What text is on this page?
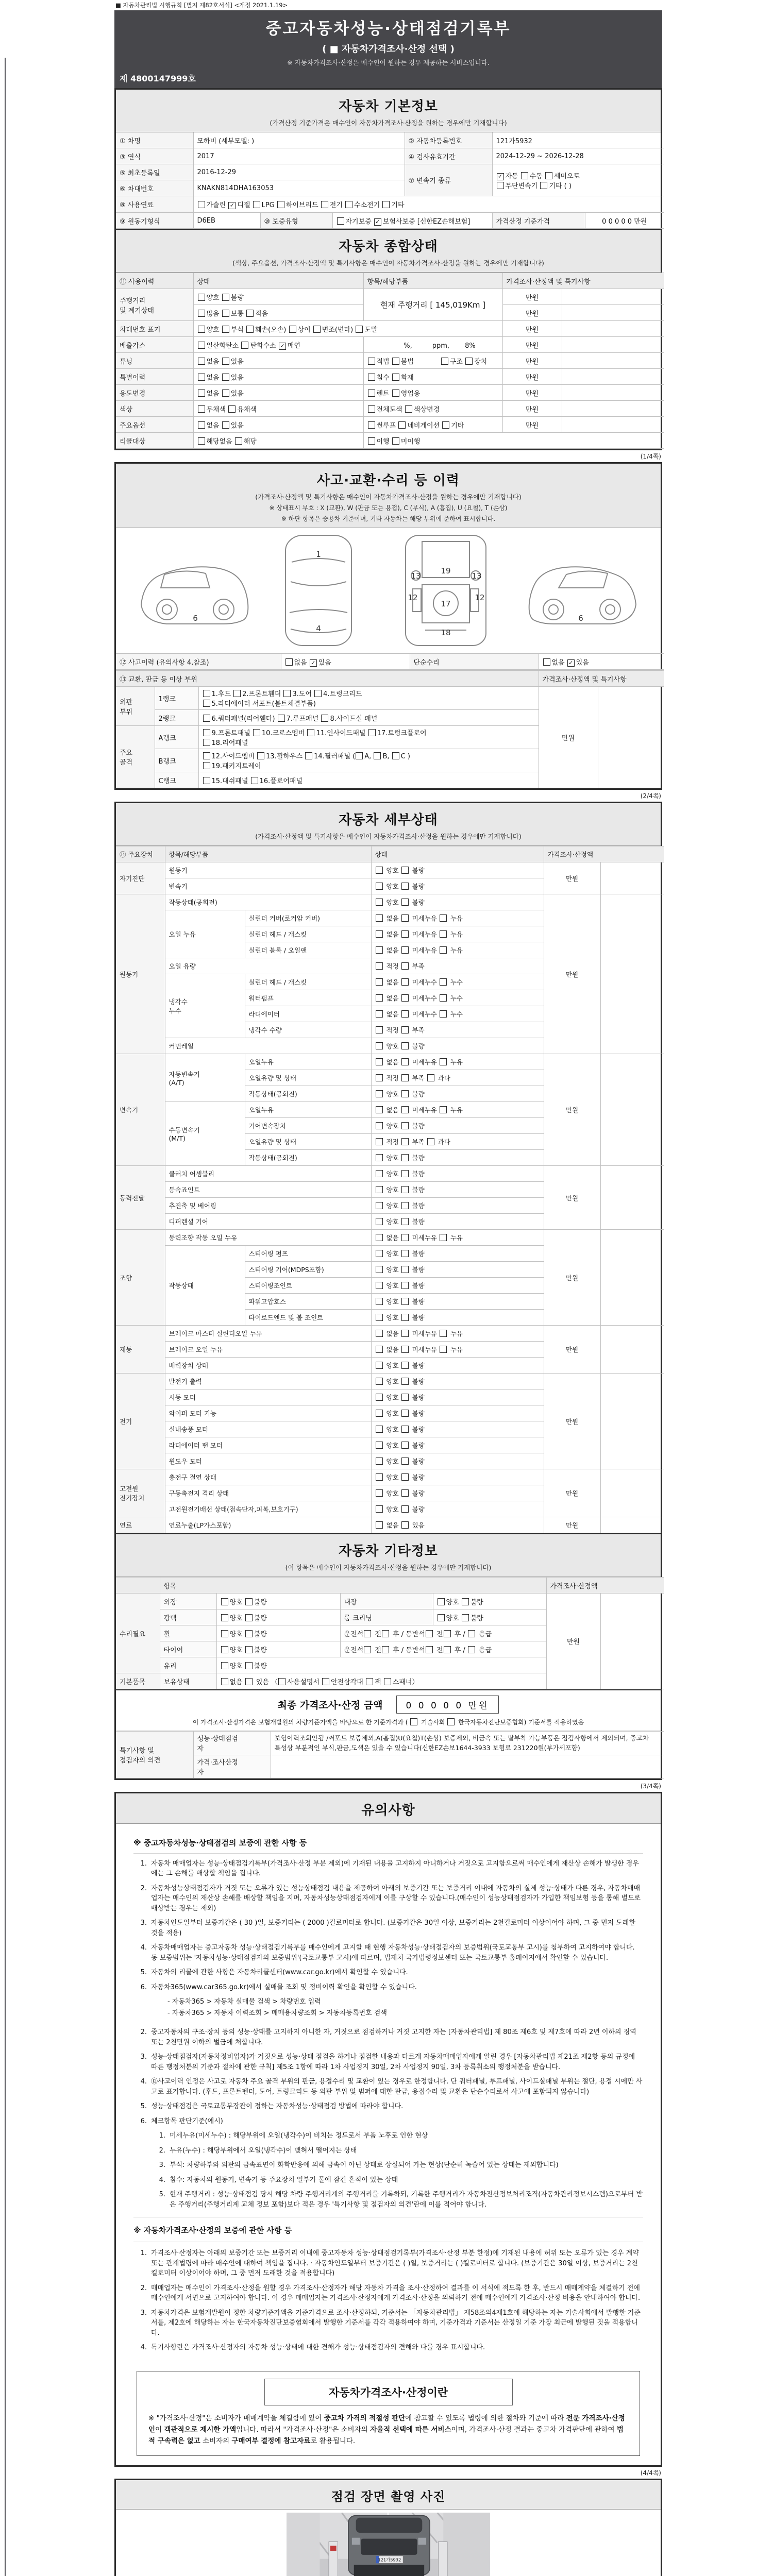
■ 자동차관리법 시행규칙 [별지 제82호서식] <개정 2021.1.19>
중고자동차성능·상태점검기록부
( ■ 자동차가격조사·산정 선택 )
※ 자동차가격조사·산정은 매수인이 원하는 경우 제공하는 서비스입니다.
제 4800147999호
자동차 기본정보
(가격산정 기준가격은 매수인이 자동차가격조사·산정을 원하는 경우에만 기재합니다)
① 차명	모하비 (세부모델: )	② 자동차등록번호	121가5932
③ 연식	2017	④ 검사유효기간	2024-12-29 ~ 2026-12-28
⑤ 최초등록일	2016-12-29	⑦ 변속기 종류	✓ 자동 수동 세미오토
무단변속기 기타 ( )
⑥ 차대번호	KNAKN814DHA163053		
⑧ 사용연료	가솔린 ✓ 디젤 LPG 하이브리드 전기 수소전기 기타		
⑨ 원동기형식	D6EB	⑩ 보증유형	자기보증 ✓ 보험사보증 [신한EZ손해보험]	가격산정 기준가격	0 0 0 0 0 만원
자동차 종합상태
(색상, 주요옵션, 가격조사·산정액 및 특기사항은 매수인이 자동차가격조사·산정을 원하는 경우에만 기재합니다)
⑪ 사용이력	상태	항목/해당부품	가격조사·산정액 및 특기사항	
주행거리
및 계기상태	양호 불량	현재 주행거리 [ 145,019Km ]	만원	
	많음 보통 적음		만원	
차대번호 표기	양호 부식 훼손(오손) 상이 변조(변타) 도말		만원	
배출가스	일산화탄소 탄화수소 ✓ 매연	　　%,　　　ppm,　　 8%	만원	
튜닝	없음 있음	적법 불법　　　　구조 장치	만원	
특별이력	없음 있음	침수 화재	만원	
용도변경	없음 있음	렌트 영업용	만원	
색상	무채색 유채색	전체도색 색상변경	만원	
주요옵션	없음 있음	썬루프 네비게이션 기타	만원	
리콜대상	해당없음 해당	이행 미이행		
(1/4쪽)
사고·교환·수리 등 이력
(가격조사·산정액 및 특기사항은 매수인이 자동차가격조사·산정을 원하는 경우에만 기재합니다)
※ 상태표시 부호 : X (교환), W (판금 또는 용접), C (부식), A (흠집), U (요철), T (손상)
※ 하단 항목은 승용차 기준이며, 기타 자동차는 해당 부위에 준하여 표시합니다.
6
4
1
13
19
13
12
17
12
18
6
⑫ 사고이력 (유의사항 4.참조)	없음 ✓ 있음	단순수리	없음 ✓ 있음
⑬ 교환, 판금 등 이상 부위			가격조사·산정액 및 특기사항	
외판
부위	1랭크	1.후드 2.프론트휀더 3.도어 4.트렁크리드
5.라디에이터 서포트(볼트체결부품)	만원	
	2랭크	6.쿼터패널(리어휀다) 7.루프패널 8.사이드실 패널		
주요
골격	A랭크	9.프론트패널 10.크로스멤버 11.인사이드패널 17.트렁크플로어
18.리어패널		
	B랭크	12.사이드멤버 13.휠하우스 14.필러패널 ( A, B, C )
19.패키지트레이		
	C랭크	15.대쉬패널 16.플로어패널		
(2/4쪽)
자동차 세부상태
(가격조사·산정액 및 특기사항은 매수인이 자동차가격조사·산정을 원하는 경우에만 기재합니다)
⑭ 주요장치	항목/해당부품		상태	가격조사·산정액	
자기진단	원동기		양호  불량	만원	
	변속기		양호  불량		
원동기	작동상태(공회전)		양호  불량	만원	
	오일 누유	실린더 커버(로커암 커버)	없음  미세누유  누유		
		실린더 헤드 / 개스킷	없음  미세누유  누유		
		실린더 블록 / 오일팬	없음  미세누유  누유		
	오일 유량		적정  부족		
	냉각수
누수	실린더 헤드 / 개스킷	없음  미세누수  누수		
		워터펌프	없음  미세누수  누수		
		라디에이터	없음  미세누수  누수		
		냉각수 수량	적정  부족		
	커먼레일		양호  불량		
변속기	자동변속기
(A/T)	오일누유	없음  미세누유  누유	만원	
		오일유량 및 상태	적정  부족  과다		
		작동상태(공회전)	양호  불량		
	수동변속기
(M/T)	오일누유	없음  미세누유  누유		
		기어변속장치	양호  불량		
		오일유량 및 상태	적정  부족  과다		
		작동상태(공회전)	양호  불량		
동력전달	클러치 어셈블리		양호  불량	만원	
	등속죠인트		양호  불량		
	추진축 및 베어링		양호  불량		
	디퍼렌셜 기어		양호  불량		
조향	동력조향 작동 오일 누유		없음  미세누유  누유	만원	
	작동상태	스티어링 펌프	양호  불량		
		스티어링 기어(MDPS포함)	양호  불량		
		스티어링조인트	양호  불량		
		파워고압호스	양호  불량		
		타이로드엔드 및 볼 조인트	양호  불량		
제동	브레이크 마스터 실린더오일 누유		없음  미세누유  누유	만원	
	브레이크 오일 누유		없음  미세누유  누유		
	배력장치 상태		양호  불량		
전기	발전기 출력		양호  불량	만원	
	시동 모터		양호  불량		
	와이퍼 모터 기능		양호  불량		
	실내송풍 모터		양호  불량		
	라디에이터 팬 모터		양호  불량		
	윈도우 모터		양호  불량		
고전원
전기장치	충전구 절연 상태		양호  불량	만원	
	구동축전지 격리 상태		양호  불량		
	고전원전기배선 상태(접속단자,피복,보호기구)		양호  불량		
연료	연료누출(LP가스포함)		없음  있음	만원	
자동차 기타정보
(이 항목은 매수인이 자동차가격조사·산정을 원하는 경우에만 기재합니다)
	항목				가격조사·산정액	
수리필요	외장	양호 불량	내장	양호 불량	만원	
	광택	양호 불량	룸 크리닝	양호 불량		
	휠	양호 불량	운전석 전 후 / 동반석 전 후 /  응급			
	타이어	양호 불량	운전석 전 후 / 동반석 전 후 /  응급			
	유리	양호 불량				
기본품목	보유상태	없음  있음 （ 사용설명서 안전삼각대 잭 스패너）				
최종 가격조사·산정 금액	0 0 0 0 0 만원
이 가격조사·산정가격은 보험개발원의 차량기준가액을 바탕으로 한 기준가격과 (  기술사회  한국자동차진단보증협회) 기준서를 적용하였음
특기사항 및
점검자의 의견	성능·상태점검
자	보험이력조회안됨 /써포트 보증제외,A(흠집)U(요철)T(손상) 보증제외, 비금속 또는 탈부착 가능부품은 점검사항에서 제외되며, 중고차 특성상 부분적인 부식,판금,도색은 있을 수 있습니다(신한EZ손보1644-3933 보험료 231220원(부가세포함)
	가격·조사산정
자	
(3/4쪽)
유의사항
※ 중고자동차성능·상태점검의 보증에 관한 사항 등
1. 자동차 매매업자는 성능·상태점검기록부(가격조사·산정 부분 제외)에 기재된 내용을 고지하지 아니하거나 거짓으로 고지함으로써 매수인에게 재산상 손해가 발생한 경우에는 그 손해를 배상할 책임을 집니다.
2. 자동차성능상태점검자가 거짓 또는 오류가 있는 성능상태점검 내용을 제공하여 아래의 보증기간 또는 보증거리 이내에 자동차의 실제 성능·상태가 다른 경우, 자동차매매업자는 매수인의 재산상 손해를 배상할 책임을 지며, 자동차성능상태점검자에게 이를 구상할 수 있습니다.(매수인이 성능상태점검자가 가입한 책임보험 등을 통해 별도로 배상받는 경우는 제외)
3. 자동차인도일부터 보증기간은 ( 30 )일, 보증거리는 ( 2000 )킬로미터로 합니다. (보증기간은 30일 이상, 보증거리는 2천킬로미터 이상이어야 하며, 그 중 먼저 도래한 것을 적용)
4. 자동차매매업자는 중고자동차 성능·상태점검기록부를 매수인에게 고지할 때 현행 자동차성능·상태점검자의 보증범위(국토교통부 고시)를 첨부하여 고지하여야 합니다. 동 보증범위는 '자동차성능·상태점검자의 보증범위'(국토교통부 고시)에 따르며, 법제처 국가법령정보센터 또는 국토교통부 홈페이지에서 확인할 수 있습니다.
5. 자동차의 리콜에 관한 사항은 자동차리콜센터(www.car.go.kr)에서 확인할 수 있습니다.
6. 자동차365(www.car365.go.kr)에서 실매물 조회 및 정비이력 확인을 확인할 수 있습니다.
- 자동차365 > 자동차 실매물 검색 > 차량번호 입력
- 자동차365 > 자동차 이력조회 > 매매용차량조회 > 자동차등록번호 검색
2. 중고자동차의 구조·장치 등의 성능·상태를 고지하지 아니한 자, 거짓으로 점검하거나 거짓 고지한 자는 [자동차관리법] 제 80조 제6호 및 제7호에 따라 2년 이하의 징역 또는 2천만원 이하의 벌금에 처합니다.
3. 성능·상태점검자(자동차정비업자)가 거짓으로 성능·상태 점검을 하거나 점검한 내용과 다르게 자동차매매업자에게 알린 경우 [자동차관리법 제21조 제2항 등의 규정에 따른 행정처분의 기준과 절차에 관한 규칙] 제5조 1항에 따라 1차 사업정지 30일, 2차 사업정지 90일, 3차 등록취소의 행정처분을 받습니다.
4. ⑫사고이력 인정은 사고로 자동차 주요 골격 부위의 판금, 용접수리 및 교환이 있는 경우로 한정합니다. 단 쿼터패널, 루프패널, 사이드실패널 부위는 절단, 용접 시에만 사고로 표기합니다. (후드, 프론트펜더, 도어, 트렁크리드 등 외판 부위 및 범퍼에 대한 판금, 용접수리 및 교환은 단순수리로서 사고에 포함되지 않습니다)
5. 성능·상태점검은 국토교통부장관이 정하는 자동차성능·상태점검 방법에 따라야 합니다.
6. 체크항목 판단기준(예시)
1. 미세누유(미세누수) : 해당부위에 오일(냉각수)이 비치는 정도로서 부품 노후로 인한 현상
2. 누유(누수) : 해당부위에서 오일(냉각수)이 맺혀서 떨어지는 상태
3. 부식: 차량하부와 외판의 금속표면이 화학반응에 의해 금속이 아닌 상태로 상실되어 가는 현상(단순히 녹슬어 있는 상태는 제외합니다)
4. 침수: 자동차의 원동기, 변속기 등 주요장치 일부가 물에 잠긴 흔적이 있는 상태
5. 현재 주행거리 : 성능·상태점검 당시 해당 차량 주행거리계의 주행거리를 기록하되, 기록한 주행거리가 자동차전산정보처리조직(자동차관리정보시스템)으로부터 받은 주행거리(주행거리계 교체 정보 포함)보다 적은 경우 '특기사항 및 점검자의 의견'란에 이를 적어야 합니다.
※ 자동차가격조사·산정의 보증에 관한 사항 등
1. 가격조사·산정자는 아래의 보증기간 또는 보증거리 이내에 중고자동차 성능·상태점검기록부(가격조사·산정 부분 한정)에 기재된 내용에 허위 또는 오류가 있는 경우 계약 또는 관계법령에 따라 매수인에 대하여 책임을 집니다. · 자동차인도일부터 보증기간은 ( )일, 보증거리는 ( )킬로미터로 합니다. (보증기간은 30일 이상, 보증거리는 2천킬로미터 이상이어야 하며, 그 중 먼저 도래한 것을 적용합니다)
2. 매매업자는 매수인이 가격조사·산정을 원할 경우 가격조사·산정자가 해당 자동차 가격을 조사·산정하여 결과를 이 서식에 적도록 한 후, 반드시 매매계약을 체결하기 전에 매수인에게 서면으로 고지하여야 합니다. 이 경우 매매업자는 가격조사·산정자에게 가격조사·산정을 의뢰하기 전에 매수인에게 가격조사·산정 비용을 안내하여야 합니다.
3. 자동차가격은 보험개발원이 정한 차량기준가액을 기준가격으로 조사·산정하되, 기준서는 「자동차관리법」 제58조의4제1호에 해당하는 자는 기술사회에서 발행한 기준서를, 제2호에 해당하는 자는 한국자동차진단보증협회에서 발행한 기준서를 각각 적용하여야 하며, 기준가격과 기준서는 산정일 기준 가장 최근에 발행된 것을 적용합니다.
4. 특기사항란은 가격조사·산정자의 자동차 성능·상태에 대한 견해가 성능·상태점검자의 견해와 다를 경우 표시합니다.
자동차가격조사·산정이란
※ "가격조사·산정"은 소비자가 매매계약을 체결함에 있어 중고차 가격의 적절성 판단에 참고할 수 있도록 법령에 의한 절차와 기준에 따라 전문 가격조사·산정인이 객관적으로 제시한 가액입니다. 따라서 "가격조사·산정"은 소비자의 자율적 선택에 따른 서비스이며, 가격조사·산정 결과는 중고차 가격판단에 관하여 법적 구속력은 없고 소비자의 구매여부 결정에 참고자료로 활용됩니다.
(4/4쪽)
점검 장면 촬영 사진
121가5932
